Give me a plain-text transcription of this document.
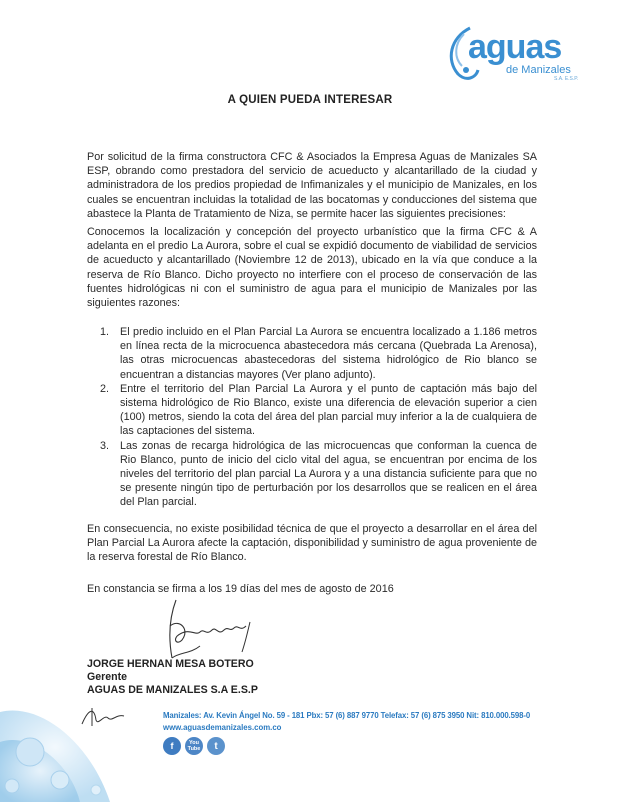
aguas
de Manizales
S.A. E.S.P.
A QUIEN PUEDA INTERESAR

Por solicitud de la firma constructora CFC & Asociados la Empresa Aguas de Manizales SA ESP, obrando como prestadora del servicio de acueducto y alcantarillado de la ciudad y administradora de los predios propiedad de Infimanizales y el municipio de Manizales, en los cuales se encuentran incluidas la totalidad de las bocatomas y conducciones del sistema que abastece la Planta de Tratamiento de Niza, se permite hacer las siguientes precisiones:

Conocemos la localización y concepción del proyecto urbanístico que la firma CFC & A adelanta en el predio La Aurora, sobre el cual se expidió documento de viabilidad de servicios de acueducto y alcantarillado (Noviembre 12 de 2013), ubicado en la vía que conduce a la reserva de Río Blanco. Dicho proyecto no interfiere con el proceso de conservación de las fuentes hidrológicas ni con el suministro de agua para el municipio de Manizales por las siguientes razones:

1. El predio incluido en el Plan Parcial La Aurora se encuentra localizado a 1.186 metros en línea recta de la microcuenca abastecedora más cercana (Quebrada La Arenosa), las otras microcuencas abastecedoras del sistema hidrológico de Rio blanco se encuentran a distancias mayores (Ver plano adjunto).
2. Entre el territorio del Plan Parcial La Aurora y el punto de captación más bajo del sistema hidrológico de Rio Blanco, existe una diferencia de elevación superior a cien (100) metros, siendo la cota del área del plan parcial muy inferior a la de cualquiera de las captaciones del sistema.
3. Las zonas de recarga hidrológica de las microcuencas que conforman la cuenca de Rio Blanco, punto de inicio del ciclo vital del agua, se encuentran por encima de los niveles del territorio del plan parcial La Aurora y a una distancia suficiente para que no se presente ningún tipo de perturbación por los desarrollos que se realicen en el área del Plan parcial.

En consecuencia, no existe posibilidad técnica de que el proyecto a desarrollar en el área del Plan Parcial La Aurora afecte la captación, disponibilidad y suministro de agua proveniente de la reserva forestal de Río Blanco.

En constancia se firma a los 19 días del mes de agosto de 2016

JORGE HERNAN MESA BOTERO
Gerente
AGUAS DE MANIZALES S.A E.S.P
Manizales: Av. Kevin Ángel No. 59 - 181 Pbx: 57 (6) 887 9770 Telefax: 57 (6) 875 3950 Nit: 810.000.598-0
www.aguasdemanizales.com.co
f	You
Tube t
